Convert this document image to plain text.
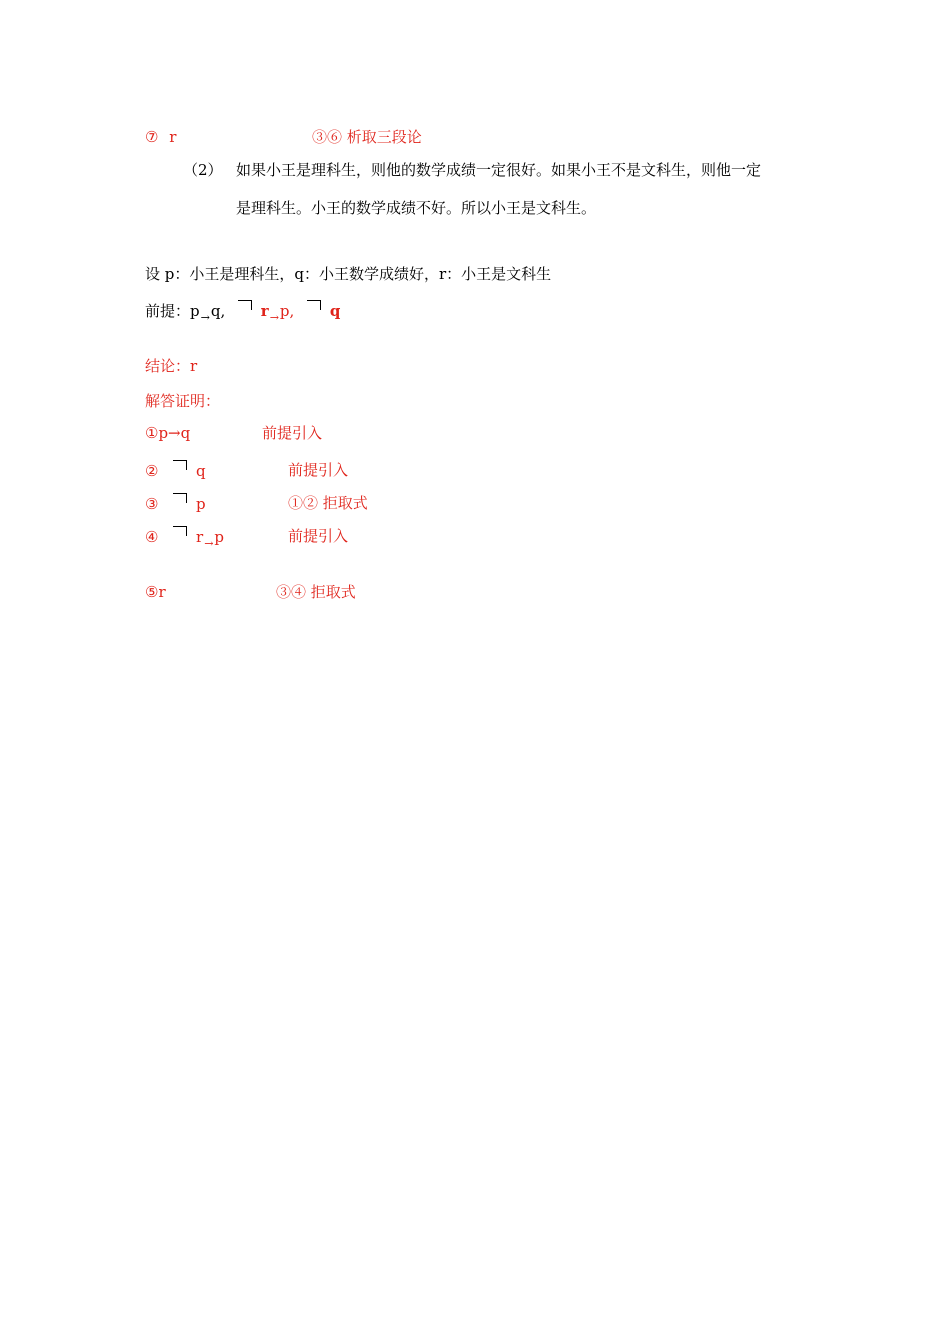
⑦ r	③⑥ 析取三段论
（2） 如果小王是理科生，则他的数学成绩一定很好。如果小王不是文科生，则他一定
是理科生。小王的数学成绩不好。所以小王是文科生。
设 p：小王是理科生，q：小王数学成绩好，r：小王是文科生
前提：$p_\to q$, $r_\to p$, q
结论：r
解答证明：
①p→q	前提引入
②	q	前提引入
③	p	①② 拒取式
④	$r_\to p$	前提引入
⑤r	③④ 拒取式
